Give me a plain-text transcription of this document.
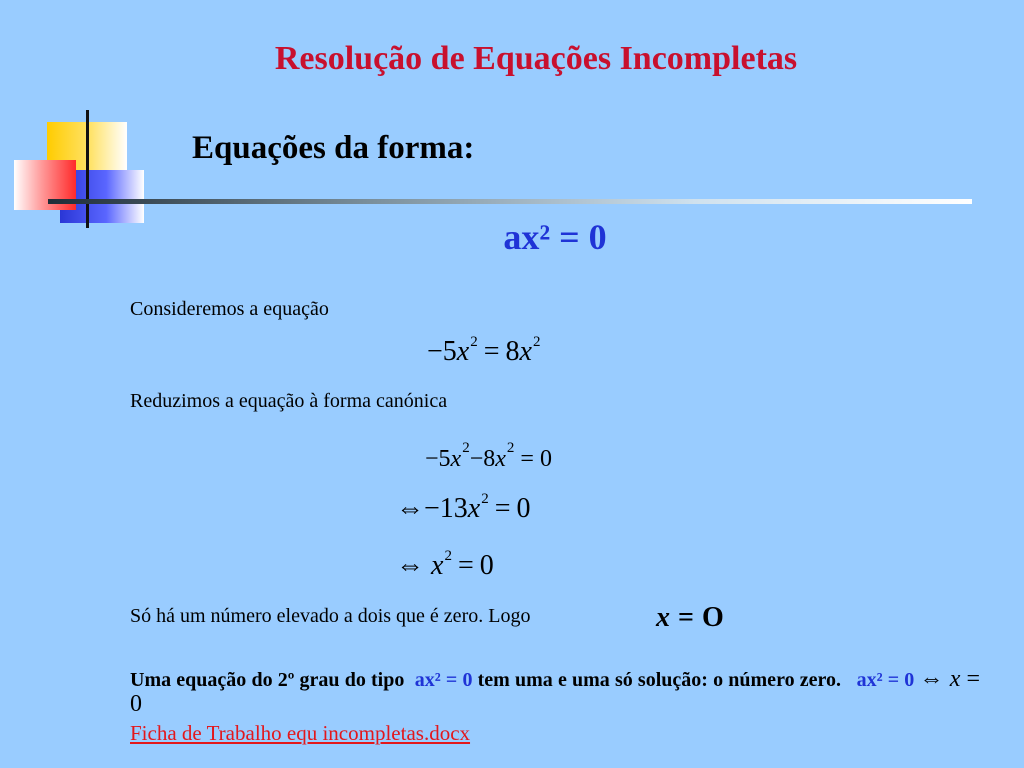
Resolução de Equações Incompletas
Equações da forma:
ax² = 0
Consideremos a equação
$-5x^2 = 8x^2$
Reduzimos a equação à forma canónica
$-5x^2-8x^2 = 0$
$\Leftrightarrow-13x^2 = 0$
⇔ $x^2 = 0$
Só há um número elevado a dois que é zero. Logo	x = O
Uma equação do 2º grau do tipo ax² = 0 tem uma e uma só solução: o número zero. ax² = 0 ⇔ x = 0
Ficha de Trabalho equ incompletas.docx
